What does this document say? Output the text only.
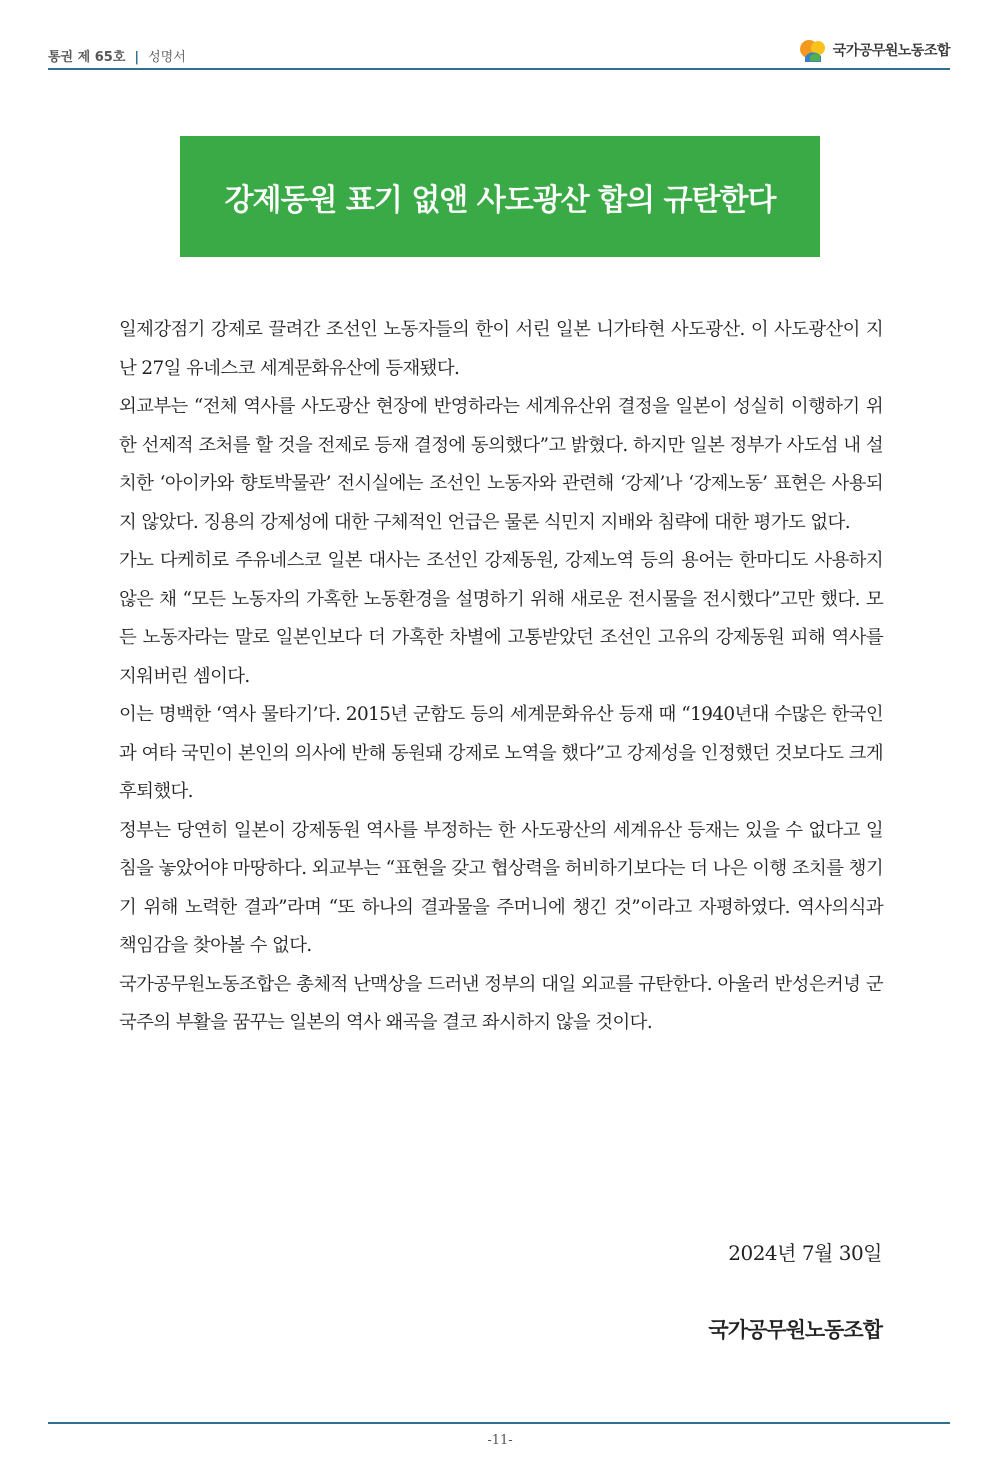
통권 제 65호 | 성명서	국가공무원노동조합
강제동원 표기 없앤 사도광산 합의 규탄한다

일제강점기 강제로 끌려간 조선인 노동자들의 한이 서린 일본 니가타현 사도광산. 이 사도광산이 지난 27일 유네스코 세계문화유산에 등재됐다.

외교부는 “전체 역사를 사도광산 현장에 반영하라는 세계유산위 결정을 일본이 성실히 이행하기 위한 선제적 조처를 할 것을 전제로 등재 결정에 동의했다”고 밝혔다. 하지만 일본 정부가 사도섬 내 설치한 ‘아이카와 향토박물관’ 전시실에는 조선인 노동자와 관련해 ‘강제’나 ‘강제노동’ 표현은 사용되지 않았다. 징용의 강제성에 대한 구체적인 언급은 물론 식민지 지배와 침략에 대한 평가도 없다.

가노 다케히로 주유네스코 일본 대사는 조선인 강제동원, 강제노역 등의 용어는 한마디도 사용하지 않은 채 “모든 노동자의 가혹한 노동환경을 설명하기 위해 새로운 전시물을 전시했다”고만 했다. 모든 노동자라는 말로 일본인보다 더 가혹한 차별에 고통받았던 조선인 고유의 강제동원 피해 역사를 지워버린 셈이다.

이는 명백한 ‘역사 물타기’다. 2015년 군함도 등의 세계문화유산 등재 때 “1940년대 수많은 한국인과 여타 국민이 본인의 의사에 반해 동원돼 강제로 노역을 했다”고 강제성을 인정했던 것보다도 크게 후퇴했다.

정부는 당연히 일본이 강제동원 역사를 부정하는 한 사도광산의 세계유산 등재는 있을 수 없다고 일침을 놓았어야 마땅하다. 외교부는 “표현을 갖고 협상력을 허비하기보다는 더 나은 이행 조치를 챙기기 위해 노력한 결과”라며 “또 하나의 결과물을 주머니에 챙긴 것”이라고 자평하였다. 역사의식과 책임감을 찾아볼 수 없다.

국가공무원노동조합은 총체적 난맥상을 드러낸 정부의 대일 외교를 규탄한다. 아울러 반성은커녕 군국주의 부활을 꿈꾸는 일본의 역사 왜곡을 결코 좌시하지 않을 것이다.

2024년 7월 30일
국가공무원노동조합
-11-
